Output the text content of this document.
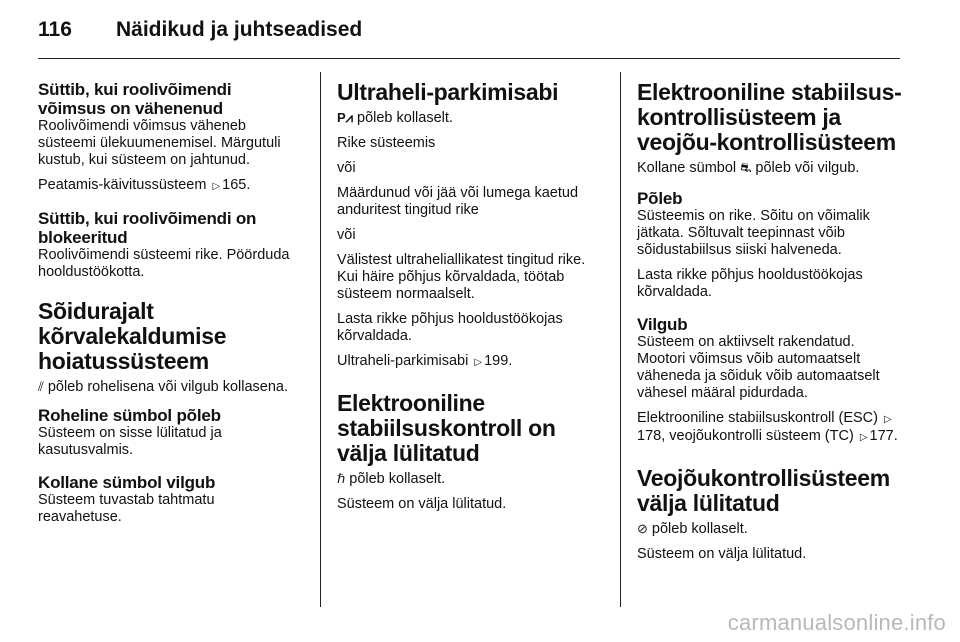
116	Näidikud ja juhtseadised
Süttib, kui roolivõimendi võimsus on vähenenud

Roolivõimendi võimsus väheneb süsteemi ülekuumenemisel. Märgutuli kustub, kui süsteem on jahtunud.

Peatamis-käivitussüsteem ▷ 165.

Süttib, kui roolivõimendi on blokeeritud

Roolivõimendi süsteemi rike. Pöörduda hooldustöökotta.

Sõidurajalt kõrvalekaldumise hoiatussüsteem

⫽ põleb rohelisena või vilgub kollasena.

Roheline sümbol põleb

Süsteem on sisse lülitatud ja kasutusvalmis.

Kollane sümbol vilgub

Süsteem tuvastab tahtmatu reavahetuse.

Ultraheli-parkimisabi

P⩘ põleb kollaselt.

Rike süsteemis

või

Määrdunud või jää või lumega kaetud anduritest tingitud rike

või

Välistest ultraheliallikatest tingitud rike. Kui häire põhjus kõrvaldada, töötab süsteem normaalselt.

Lasta rikke põhjus hooldustöökojas kõrvaldada.

Ultraheli-parkimisabi ▷ 199.

Elektrooniline stabiilsuskontroll on välja lülitatud

ℏ põleb kollaselt.

Süsteem on välja lülitatud.

Elektrooniline stabiilsus-kontrollisüsteem ja veojõu-kontrollisüsteem

Kollane sümbol ⛐ põleb või vilgub.

Põleb

Süsteemis on rike. Sõitu on võimalik jätkata. Sõltuvalt teepinnast võib sõidustabiilsus siiski halveneda.

Lasta rikke põhjus hooldustöökojas kõrvaldada.

Vilgub

Süsteem on aktiivselt rakendatud. Mootori võimsus võib automaatselt väheneda ja sõiduk võib automaatselt vähesel määral pidurdada.

Elektrooniline stabiilsuskontroll (ESC) ▷178, veojõukontrolli süsteem (TC) ▷ 177.

Veojõukontrollisüsteem välja lülitatud

⊘ põleb kollaselt.

Süsteem on välja lülitatud.

carmanualsonline.info
